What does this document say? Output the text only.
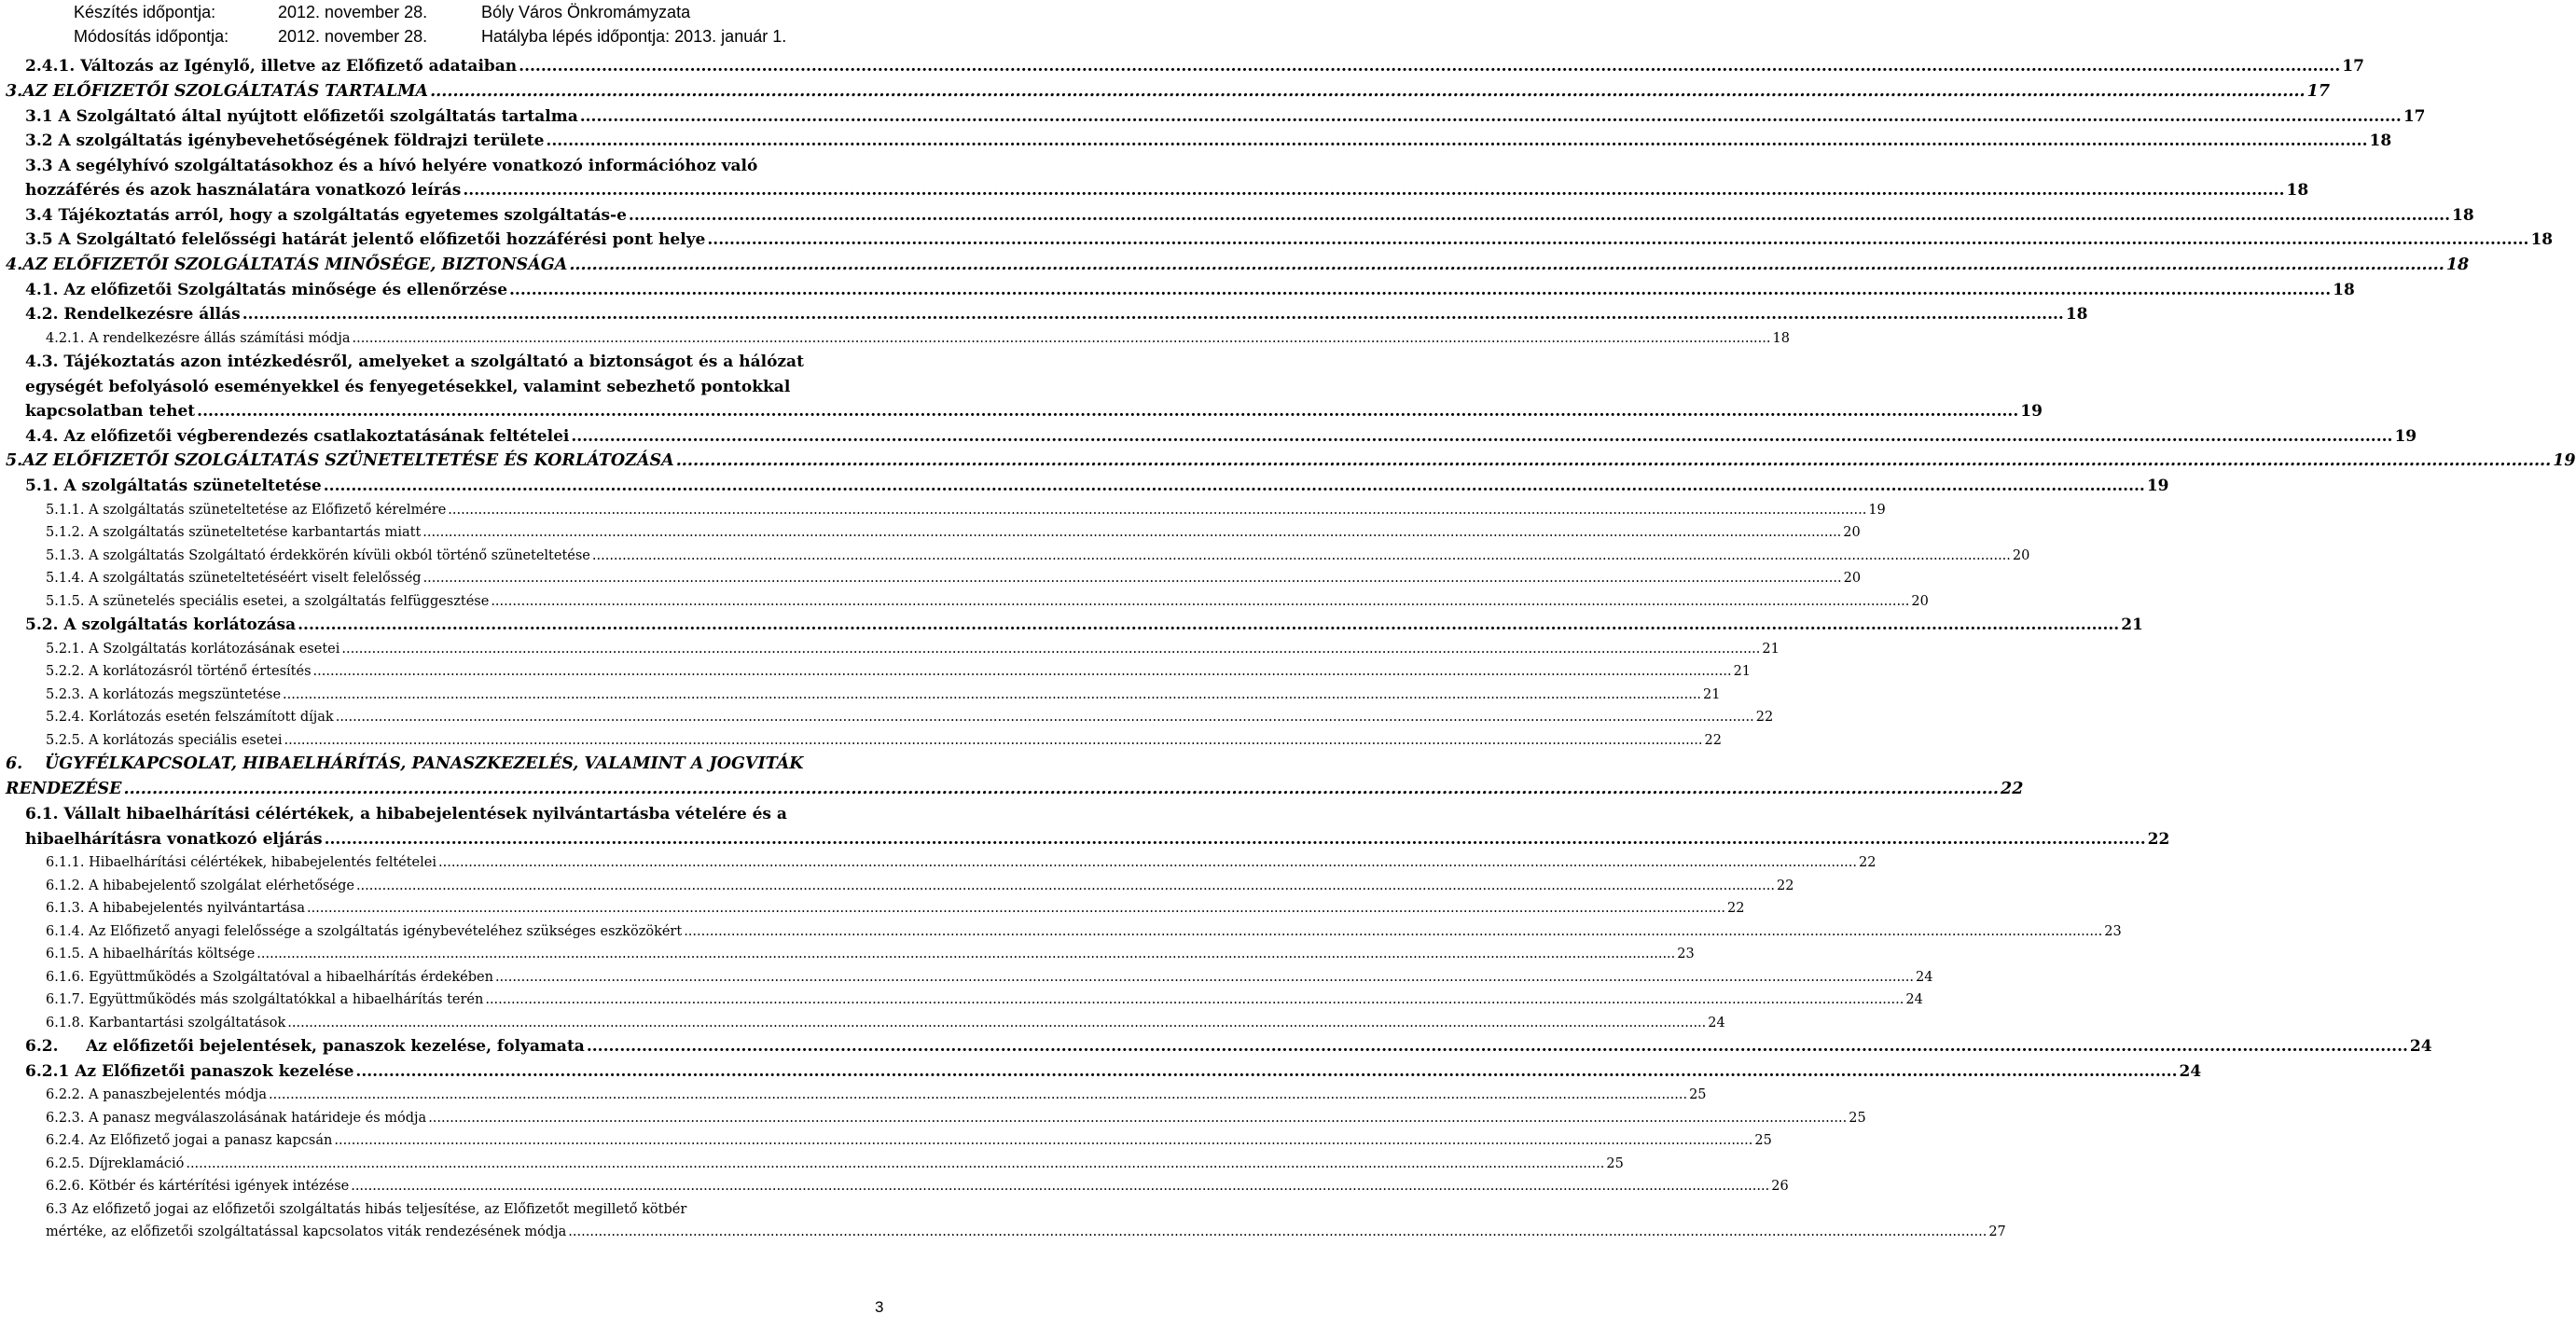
Készítés időpontja:	2012. november 28.	Bóly Város Önkromámyzata
Módosítás időpontja:	2012. november 28.	Hatályba lépés időpontja: 2013. január 1.
2.4.1. Változás az Igénylő, illetve az Előfizető adataiban .....	17
3. AZ ELŐFIZETŐI SZOLGÁLTATÁS TARTALMA .....	17
3.1 A Szolgáltató által nyújtott előfizetői szolgáltatás tartalma .....	17
3.2 A szolgáltatás igénybevehetőségének földrajzi területe .....	18
3.3 A segélyhívó szolgáltatásokhoz és a hívó helyére vonatkozó információhoz való
hozzáférés és azok használatára vonatkozó leírás .....	18
3.4 Tájékoztatás arról, hogy a szolgáltatás egyetemes szolgáltatás-e .....	18
3.5 A Szolgáltató felelősségi határát jelentő előfizetői hozzáférési pont helye .....	18
4. AZ ELŐFIZETŐI SZOLGÁLTATÁS MINŐSÉGE, BIZTONSÁGA .....	18
4.1. Az előfizetői Szolgáltatás minősége és ellenőrzése .....	18
4.2. Rendelkezésre állás .....	18
4.2.1. A rendelkezésre állás számítási módja .....	18
4.3. Tájékoztatás azon intézkedésről, amelyeket a szolgáltató a biztonságot és a hálózat
egységét befolyásoló eseményekkel és fenyegetésekkel, valamint sebezhető pontokkal
kapcsolatban tehet .....	19
4.4. Az előfizetői végberendezés csatlakoztatásának feltételei .....	19
5. AZ ELŐFIZETŐI SZOLGÁLTATÁS SZÜNETELTETÉSE ÉS KORLÁTOZÁSA .....	19
5.1. A szolgáltatás szüneteltetése .....	19
5.1.1. A szolgáltatás szüneteltetése az Előfizető kérelmére .....	19
5.1.2. A szolgáltatás szüneteltetése karbantartás miatt .....	20
5.1.3. A szolgáltatás Szolgáltató érdekkörén kívüli okból történő szüneteltetése .....	20
5.1.4. A szolgáltatás szüneteltetéséért viselt felelősség .....	20
5.1.5. A szünetelés speciális esetei, a szolgáltatás felfüggesztése .....	20
5.2. A szolgáltatás korlátozása .....	21
5.2.1. A Szolgáltatás korlátozásának esetei .....	21
5.2.2. A korlátozásról történő értesítés .....	21
5.2.3. A korlátozás megszüntetése .....	21
5.2.4. Korlátozás esetén felszámított díjak .....	22
5.2.5. A korlátozás speciális esetei .....	22
6. ÜGYFÉLKAPCSOLAT, HIBAELHÁRÍTÁS, PANASZKEZELÉS, VALAMINT A JOGVITÁK
RENDEZÉSE .....	22
6.1. Vállalt hibaelhárítási célértékek, a hibabejelentések nyilvántartásba vételére és a
hibaelhárításra vonatkozó eljárás .....	22
6.1.1. Hibaelhárítási célértékek, hibabejelentés feltételei .....	22
6.1.2. A hibabejelentő szolgálat elérhetősége .....	22
6.1.3. A hibabejelentés nyilvántartása .....	22
6.1.4. Az Előfizető anyagi felelőssége a szolgáltatás igénybevételéhez szükséges eszközökért .....	23
6.1.5. A hibaelhárítás költsége .....	23
6.1.6. Együttműködés a Szolgáltatóval a hibaelhárítás érdekében .....	24
6.1.7. Együttműködés más szolgáltatókkal a hibaelhárítás terén .....	24
6.1.8. Karbantartási szolgáltatások .....	24
6.2.     Az előfizetői bejelentések, panaszok kezelése, folyamata .....	24
6.2.1 Az Előfizetői panaszok kezelése .....	24
6.2.2. A panaszbejelentés módja .....	25
6.2.3. A panasz megválaszolásának határideje és módja .....	25
6.2.4. Az Előfizető jogai a panasz kapcsán .....	25
6.2.5. Díjreklamáció .....	25
6.2.6. Kötbér és kártérítési igények intézése .....	26
6.3 Az előfizető jogai az előfizetői szolgáltatás hibás teljesítése, az Előfizetőt megillető kötbér
mértéke, az előfizetői szolgáltatással kapcsolatos viták rendezésének módja .....	27
3
